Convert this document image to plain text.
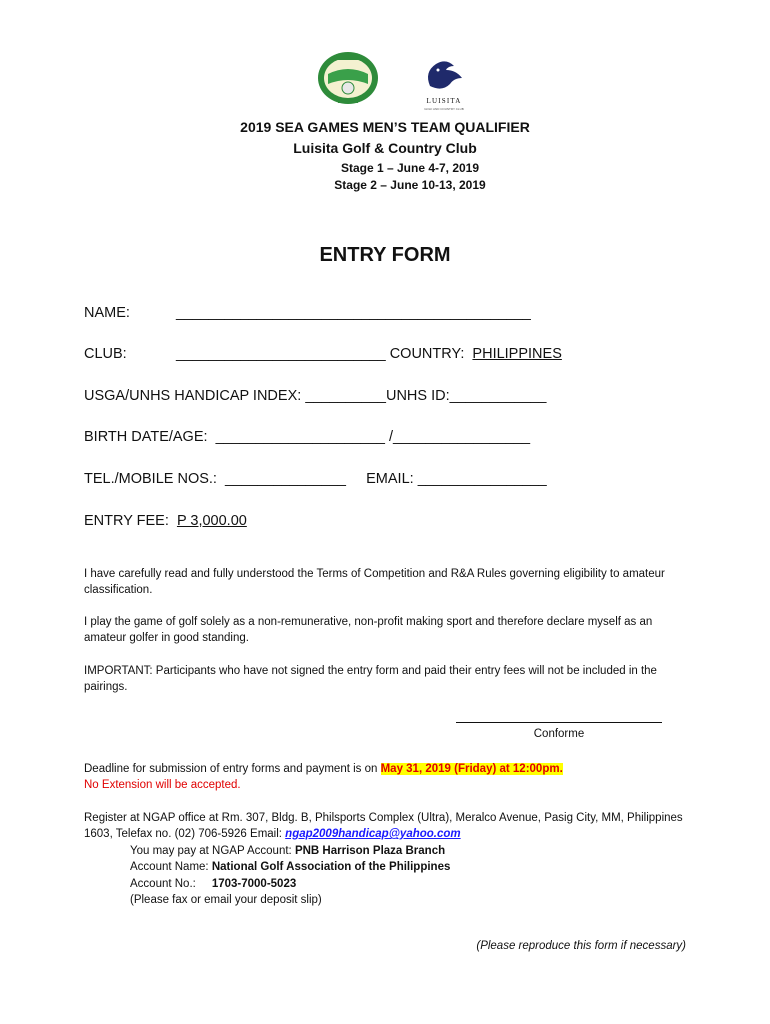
LUISITA
GOLF AND COUNTRY CLUB
2019 SEA GAMES MEN’S TEAM QUALIFIER
Luisita Golf & Country Club
Stage 1 – June 4-7, 2019
Stage 2 – June 10-13, 2019
ENTRY FORM
NAME:	____________________________________________
CLUB:	__________________________ COUNTRY:  PHILIPPINES
USGA/UNHS HANDICAP INDEX: __________UNHS ID:____________
BIRTH DATE/AGE:  _____________________ /_________________
TEL./MOBILE NOS.:  _______________     EMAIL: ________________
ENTRY FEE:  P 3,000.00
I have carefully read and fully understood the Terms of Competition and R&A Rules governing eligibility to amateur classification.
I play the game of golf solely as a non-remunerative, non-profit making sport and therefore declare myself as an amateur golfer in good standing.
IMPORTANT: Participants who have not signed the entry form and paid their entry fees will not be included in the pairings.
Conforme
Deadline for submission of entry forms and payment is on May 31, 2019 (Friday) at 12:00pm.
No Extension will be accepted.
Register at NGAP office at Rm. 307, Bldg. B, Philsports Complex (Ultra), Meralco Avenue, Pasig City, MM, Philippines 1603, Telefax no. (02) 706-5926 Email: ngap2009handicap@yahoo.com
You may pay at NGAP Account: PNB Harrison Plaza Branch
Account Name: National Golf Association of the Philippines
Account No.:     1703-7000-5023
(Please fax or email your deposit slip)
(Please reproduce this form if necessary)
